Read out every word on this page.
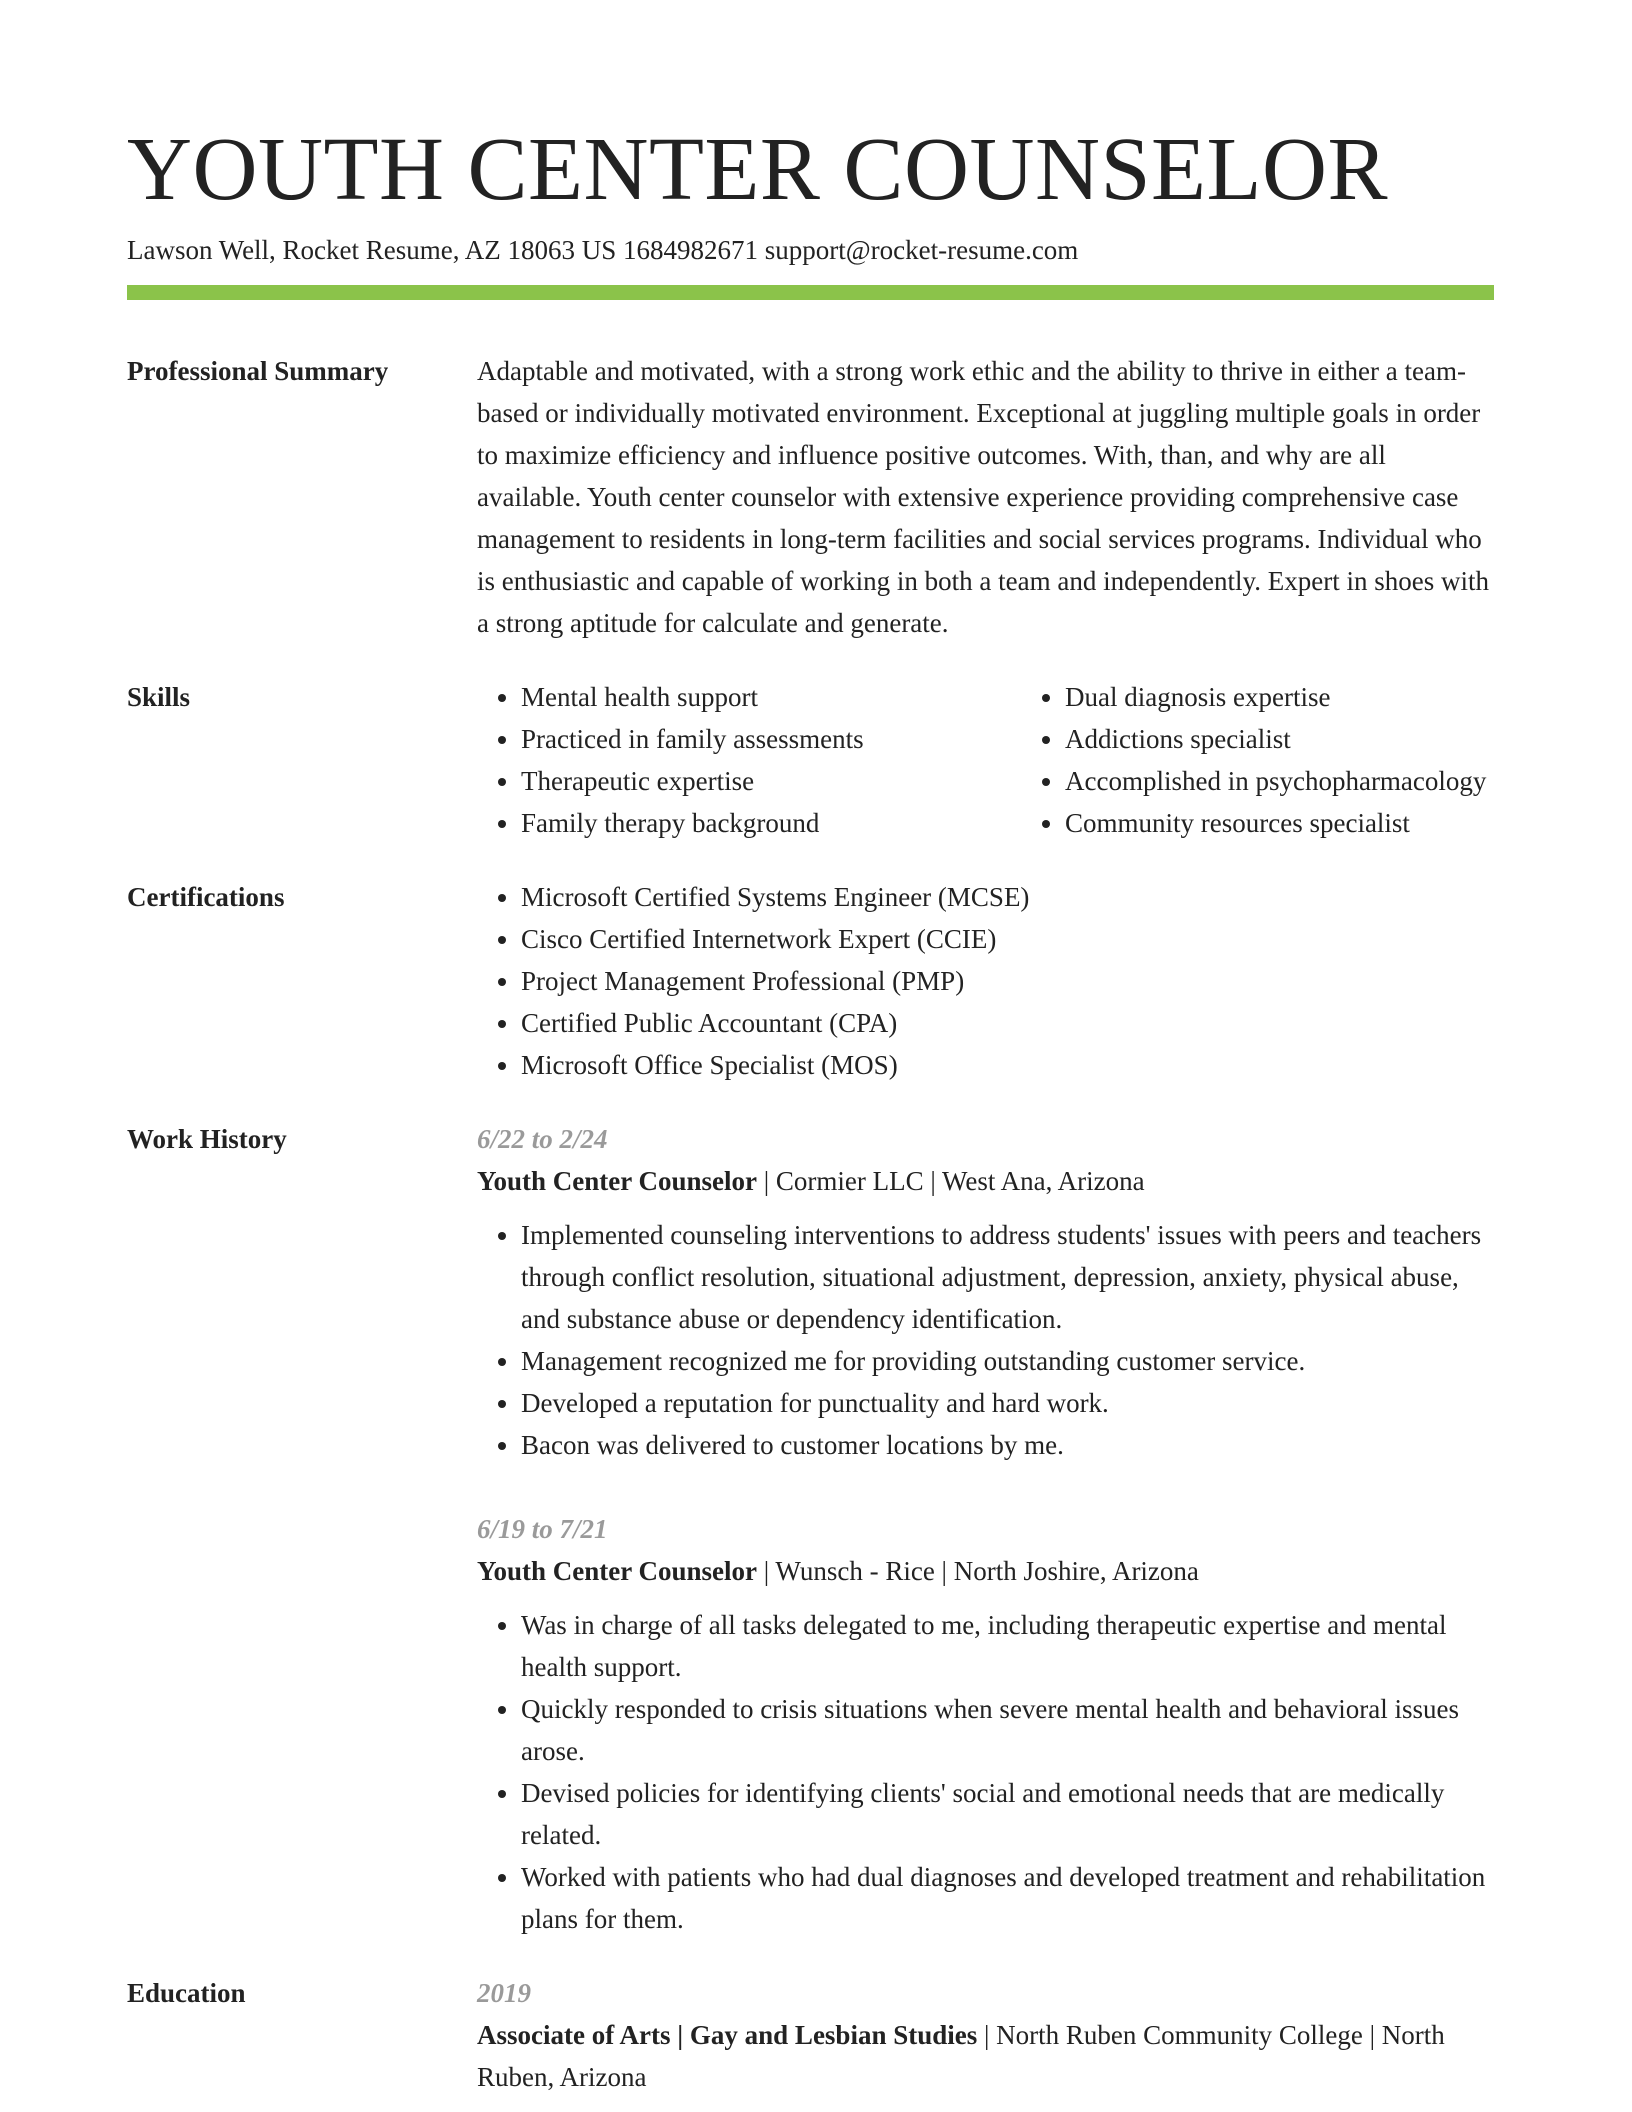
YOUTH CENTER COUNSELOR
Lawson Well, Rocket Resume, AZ 18063 US 1684982671 support@rocket-resume.com
Professional Summary	Adaptable and motivated, with a strong work ethic and the ability to thrive in either a team-based or individually motivated environment. Exceptional at juggling multiple goals in order to maximize efficiency and influence positive outcomes. With, than, and why are all available. Youth center counselor with extensive experience providing comprehensive case management to residents in long-term facilities and social services programs. Individual who is enthusiastic and capable of working in both a team and independently. Expert in shoes with a strong aptitude for calculate and generate.

Skills	• Mental health support
• Practiced in family assessments
• Therapeutic expertise
• Family therapy background
• Dual diagnosis expertise
• Addictions specialist
• Accomplished in psychopharmacology
• Community resources specialist
Certifications	• Microsoft Certified Systems Engineer (MCSE)
• Cisco Certified Internetwork Expert (CCIE)
• Project Management Professional (PMP)
• Certified Public Accountant (CPA)
• Microsoft Office Specialist (MOS)
Work History	6/22 to 2/24
Youth Center Counselor | Cormier LLC | West Ana, Arizona
• Implemented counseling interventions to address students' issues with peers and teachers through conflict resolution, situational adjustment, depression, anxiety, physical abuse, and substance abuse or dependency identification.
• Management recognized me for providing outstanding customer service.
• Developed a reputation for punctuality and hard work.
• Bacon was delivered to customer locations by me.
6/19 to 7/21
Youth Center Counselor | Wunsch - Rice | North Joshire, Arizona
• Was in charge of all tasks delegated to me, including therapeutic expertise and mental health support.
• Quickly responded to crisis situations when severe mental health and behavioral issues arose.
• Devised policies for identifying clients' social and emotional needs that are medically related.
• Worked with patients who had dual diagnoses and developed treatment and rehabilitation plans for them.
Education	2019
Associate of Arts | Gay and Lesbian Studies | North Ruben Community College | North Ruben, Arizona
